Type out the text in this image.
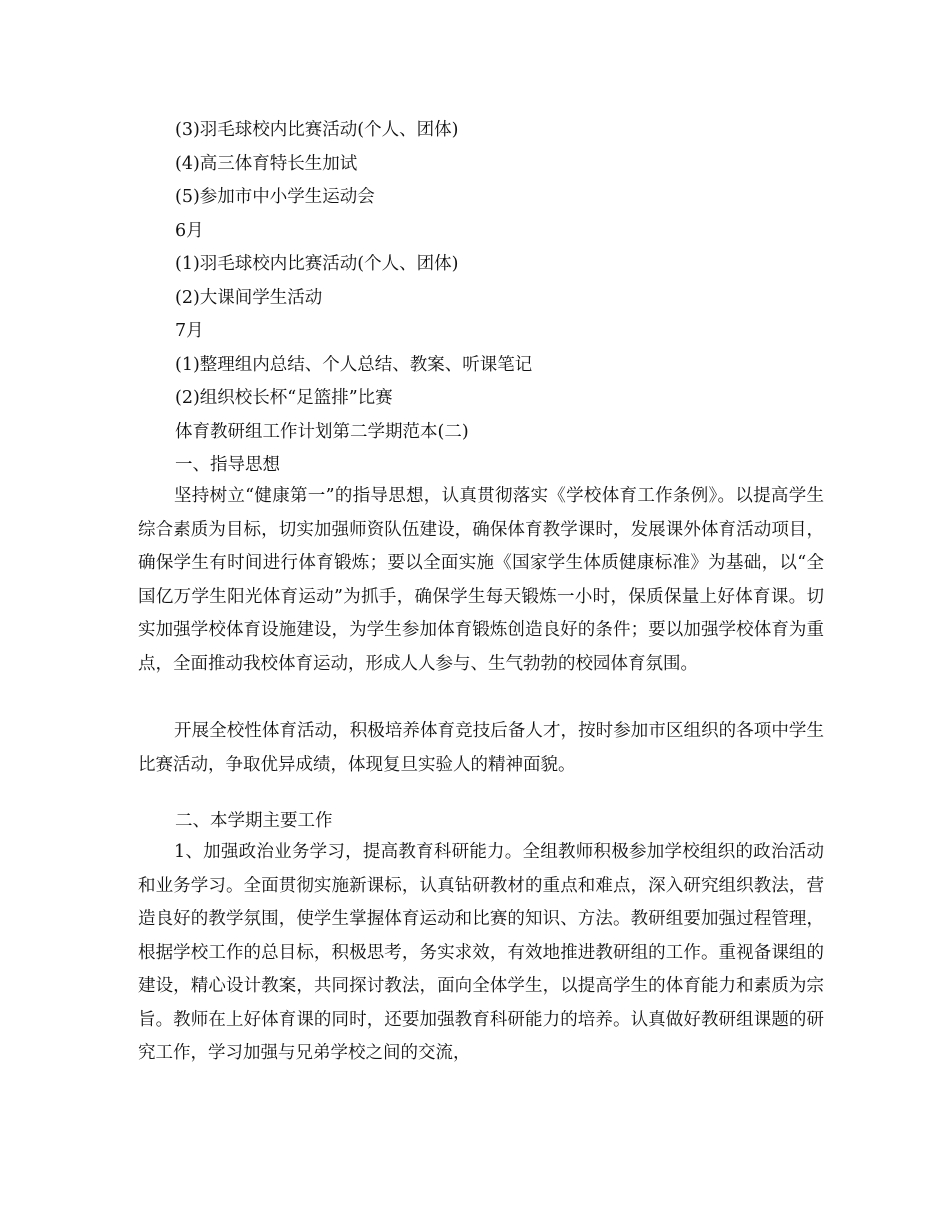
(3)羽毛球校内比赛活动(个人、团体)
(4)高三体育特长生加试
(5)参加市中小学生运动会
6月
(1)羽毛球校内比赛活动(个人、团体)
(2)大课间学生活动
7月
(1)整理组内总结、个人总结、教案、听课笔记
(2)组织校长杯“足篮排”比赛
体育教研组工作计划第二学期范本(二)
一、指导思想
坚持树立“健康第一”的指导思想，认真贯彻落实《学校体育工作条例》。以提高学生综合素质为目标，切实加强师资队伍建设，确保体育教学课时，发展课外体育活动项目，确保学生有时间进行体育锻炼；要以全面实施《国家学生体质健康标准》为基础，以“全国亿万学生阳光体育运动”为抓手，确保学生每天锻炼一小时，保质保量上好体育课。切实加强学校体育设施建设，为学生参加体育锻炼创造良好的条件；要以加强学校体育为重点，全面推动我校体育运动，形成人人参与、生气勃勃的校园体育氛围。
开展全校性体育活动，积极培养体育竞技后备人才，按时参加市区组织的各项中学生比赛活动，争取优异成绩，体现复旦实验人的精神面貌。
二、本学期主要工作
1、加强政治业务学习，提高教育科研能力。全组教师积极参加学校组织的政治活动和业务学习。全面贯彻实施新课标，认真钻研教材的重点和难点，深入研究组织教法，营造良好的教学氛围，使学生掌握体育运动和比赛的知识、方法。教研组要加强过程管理，根据学校工作的总目标，积极思考，务实求效，有效地推进教研组的工作。重视备课组的建设，精心设计教案，共同探讨教法，面向全体学生，以提高学生的体育能力和素质为宗旨。教师在上好体育课的同时，还要加强教育科研能力的培养。认真做好教研组课题的研究工作，学习加强与兄弟学校之间的交流，
